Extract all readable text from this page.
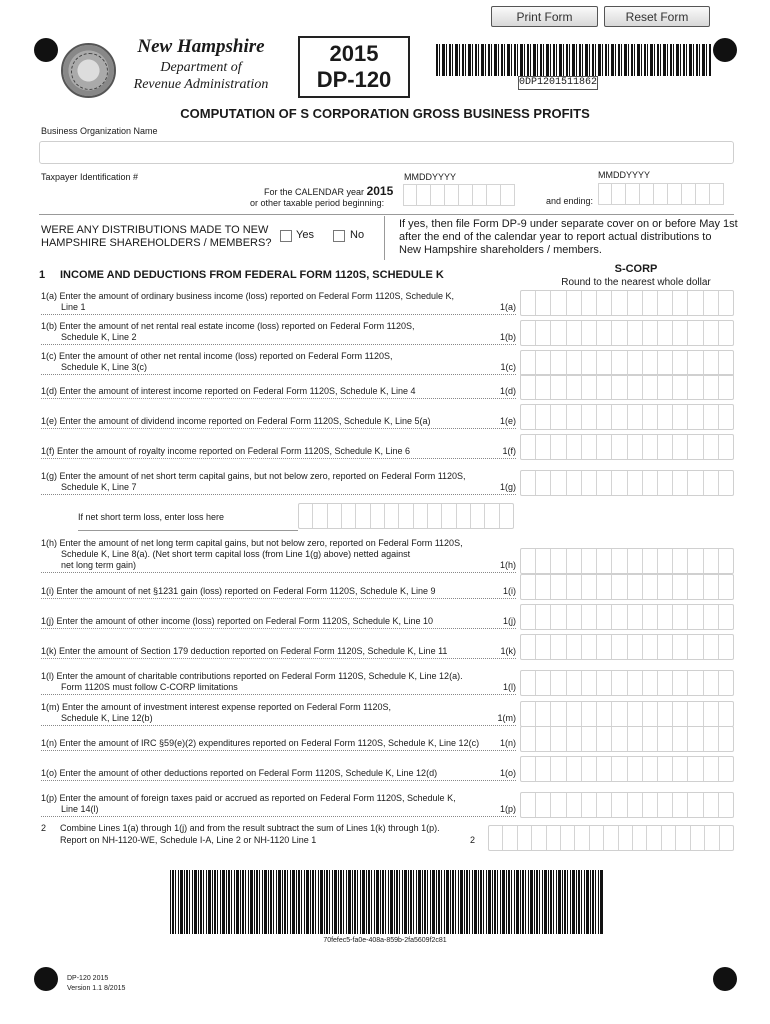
Print Form	Reset Form
New Hampshire
Department of
Revenue Administration
2015
DP-120	0DP1201511862
COMPUTATION OF S CORPORATION GROSS BUSINESS PROFITS
Business Organization Name
Taxpayer Identification #	MMDDYYYY	MMDDYYYY
For the CALENDAR year 2015
or other taxable period beginning:	and ending:
WERE ANY DISTRIBUTIONS MADE TO NEW
HAMPSHIRE SHAREHOLDERS / MEMBERS?
Yes	No
If yes, then file Form DP-9 under separate cover on or before May 1st
after the end of the calendar year to report actual distributions to
New Hampshire shareholders / members.
1 INCOME AND DEDUCTIONS FROM FEDERAL FORM 1120S, SCHEDULE K	S-CORP
Round to the nearest whole dollar
1(a) Enter the amount of ordinary business income (loss) reported on Federal Form 1120S, Schedule K,
Line 1	1(a)
1(b) Enter the amount of net rental real estate income (loss) reported on Federal Form 1120S,
Schedule K, Line 2	1(b)
1(c) Enter the amount of other net rental income (loss) reported on Federal Form 1120S,
Schedule K, Line 3(c)	1(c)
1(d) Enter the amount of interest income reported on Federal Form 1120S, Schedule K, Line 4	1(d)
1(e) Enter the amount of dividend income reported on Federal Form 1120S, Schedule K, Line 5(a)	1(e)
1(f) Enter the amount of royalty income reported on Federal Form 1120S, Schedule K, Line 6	1(f)
1(g) Enter the amount of net short term capital gains, but not below zero, reported on Federal Form 1120S,
Schedule K, Line 7	1(g)
1(h) Enter the amount of net long term capital gains, but not below zero, reported on Federal Form 1120S,
Schedule K, Line 8(a). (Net short term capital loss (from Line 1(g) above) netted against
net long term gain)	1(h)
1(i) Enter the amount of net §1231 gain (loss) reported on Federal Form 1120S, Schedule K, Line 9	1(i)
1(j) Enter the amount of other income (loss) reported on Federal Form 1120S, Schedule K, Line 10	1(j)
1(k) Enter the amount of Section 179 deduction reported on Federal Form 1120S, Schedule K, Line 11	1(k)
1(l) Enter the amount of charitable contributions reported on Federal Form 1120S, Schedule K, Line 12(a).
Form 1120S must follow C-CORP limitations	1(l)
1(m) Enter the amount of investment interest expense reported on Federal Form 1120S,
Schedule K, Line 12(b)	1(m)
1(n) Enter the amount of IRC §59(e)(2) expenditures reported on Federal Form 1120S, Schedule K, Line 12(c)	1(n)
1(o) Enter the amount of other deductions reported on Federal Form 1120S, Schedule K, Line 12(d)	1(o)
1(p) Enter the amount of foreign taxes paid or accrued as reported on Federal Form 1120S, Schedule K,
Line 14(l)	1(p)
If net short term loss, enter loss here
2 Combine Lines 1(a) through 1(j) and from the result subtract the sum of Lines 1(k) through 1(p).
Report on NH-1120-WE, Schedule I-A, Line 2 or NH-1120 Line 1	2
70fefec5-fa0e-408a-859b-2fa5609f2c81
DP-120 2015
Version 1.1 8/2015
